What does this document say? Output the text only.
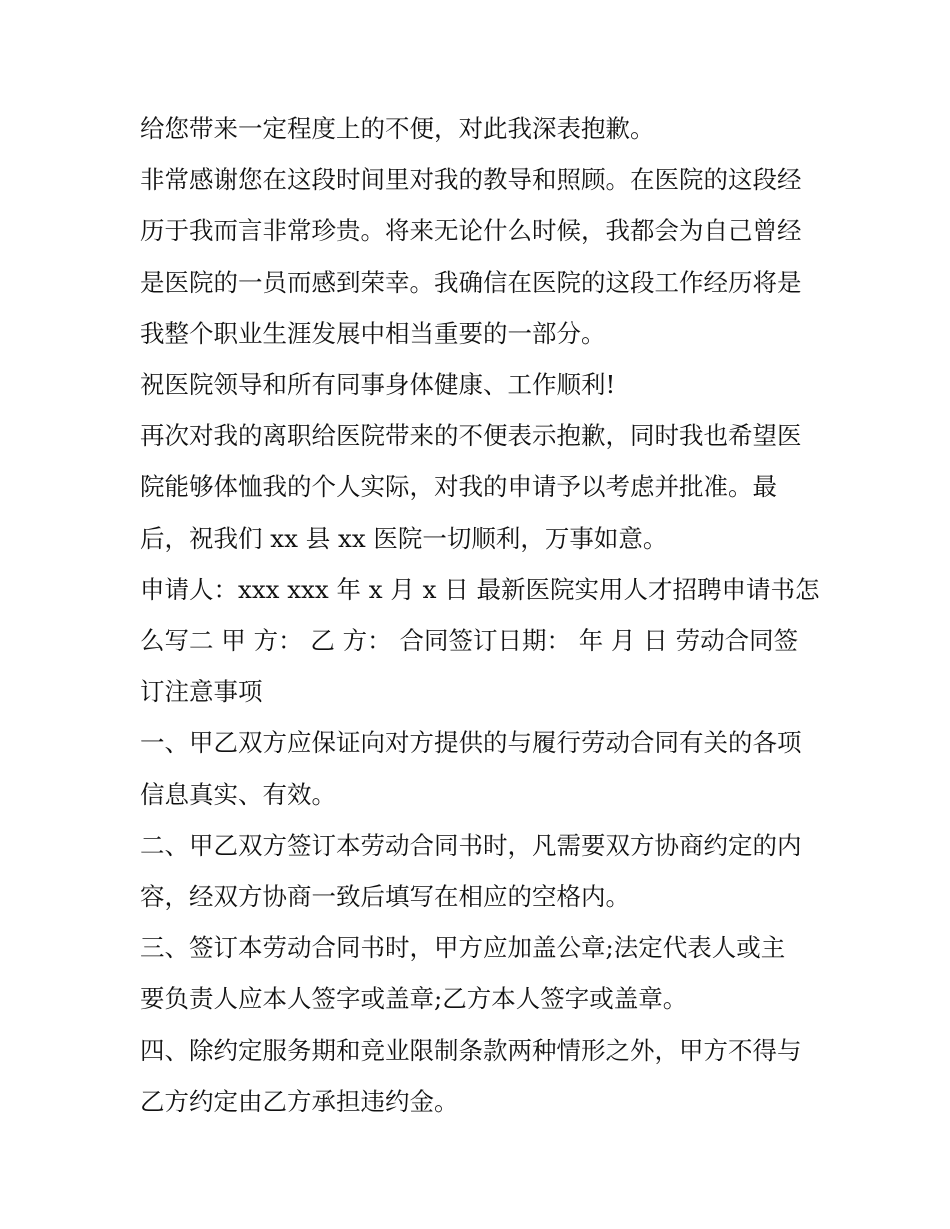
给您带来一定程度上的不便，对此我深表抱歉。

非常感谢您在这段时间里对我的教导和照顾。在医院的这段经

历于我而言非常珍贵。将来无论什么时候，我都会为自己曾经

是医院的一员而感到荣幸。我确信在医院的这段工作经历将是

我整个职业生涯发展中相当重要的一部分。

祝医院领导和所有同事身体健康、工作顺利!

再次对我的离职给医院带来的不便表示抱歉，同时我也希望医

院能够体恤我的个人实际，对我的申请予以考虑并批准。最

后，祝我们 xx 县 xx 医院一切顺利，万事如意。

申请人：xxx xxx 年 x 月 x 日 最新医院实用人才招聘申请书怎

么写二 甲 方： 乙 方： 合同签订日期： 年 月 日 劳动合同签

订注意事项

一、甲乙双方应保证向对方提供的与履行劳动合同有关的各项

信息真实、有效。

二、甲乙双方签订本劳动合同书时，凡需要双方协商约定的内

容，经双方协商一致后填写在相应的空格内。

三、签订本劳动合同书时，甲方应加盖公章;法定代表人或主

要负责人应本人签字或盖章;乙方本人签字或盖章。

四、除约定服务期和竞业限制条款两种情形之外，甲方不得与

乙方约定由乙方承担违约金。
